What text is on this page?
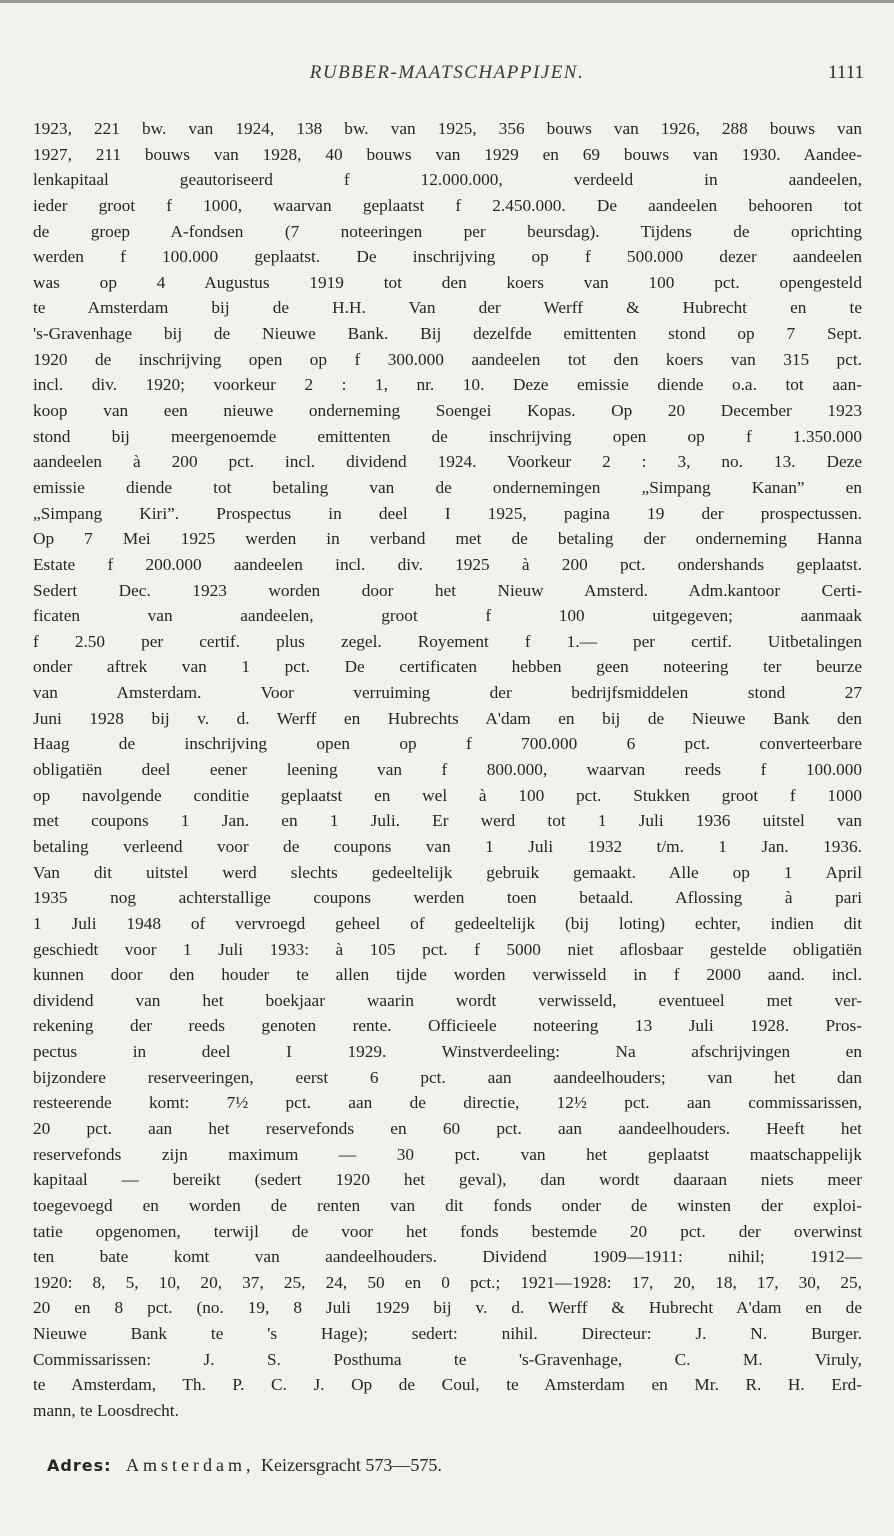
RUBBER-MAATSCHAPPIJEN.	1111
1923, 221 bw. van 1924, 138 bw. van 1925, 356 bouws van 1926, 288 bouws van
1927, 211 bouws van 1928, 40 bouws van 1929 en 69 bouws van 1930. Aandee-
lenkapitaal geautoriseerd f 12.000.000, verdeeld in aandeelen,
ieder groot f 1000, waarvan geplaatst f 2.450.000. De aandeelen behooren tot
de groep A-fondsen (7 noteeringen per beursdag). Tijdens de oprichting
werden f 100.000 geplaatst. De inschrijving op f 500.000 dezer aandeelen
was op 4 Augustus 1919 tot den koers van 100 pct. opengesteld
te Amsterdam bij de H.H. Van der Werff & Hubrecht en te
's-Gravenhage bij de Nieuwe Bank. Bij dezelfde emittenten stond op 7 Sept.
1920 de inschrijving open op f 300.000 aandeelen tot den koers van 315 pct.
incl. div. 1920; voorkeur 2 : 1, nr. 10. Deze emissie diende o.a. tot aan-
koop van een nieuwe onderneming Soengei Kopas. Op 20 December 1923
stond bij meergenoemde emittenten de inschrijving open op f 1.350.000
aandeelen à 200 pct. incl. dividend 1924. Voorkeur 2 : 3, no. 13. Deze
emissie diende tot betaling van de ondernemingen „Simpang Kanan” en
„Simpang Kiri”. Prospectus in deel I 1925, pagina 19 der prospectussen.
Op 7 Mei 1925 werden in verband met de betaling der onderneming Hanna
Estate f 200.000 aandeelen incl. div. 1925 à 200 pct. ondershands geplaatst.
Sedert Dec. 1923 worden door het Nieuw Amsterd. Adm.kantoor Certi-
ficaten van aandeelen, groot f 100 uitgegeven; aanmaak
f 2.50 per certif. plus zegel. Royement f 1.— per certif. Uitbetalingen
onder aftrek van 1 pct. De certificaten hebben geen noteering ter beurze
van Amsterdam. Voor verruiming der bedrijfsmiddelen stond 27
Juni 1928 bij v. d. Werff en Hubrechts A'dam en bij de Nieuwe Bank den
Haag de inschrijving open op f 700.000 6 pct. converteerbare
obligatiën deel eener leening van f 800.000, waarvan reeds f 100.000
op navolgende conditie geplaatst en wel à 100 pct. Stukken groot f 1000
met coupons 1 Jan. en 1 Juli. Er werd tot 1 Juli 1936 uitstel van
betaling verleend voor de coupons van 1 Juli 1932 t/m. 1 Jan. 1936.
Van dit uitstel werd slechts gedeeltelijk gebruik gemaakt. Alle op 1 April
1935 nog achterstallige coupons werden toen betaald. Aflossing à pari
1 Juli 1948 of vervroegd geheel of gedeeltelijk (bij loting) echter, indien dit
geschiedt voor 1 Juli 1933: à 105 pct. f 5000 niet aflosbaar gestelde obligatiën
kunnen door den houder te allen tijde worden verwisseld in f 2000 aand. incl.
dividend van het boekjaar waarin wordt verwisseld, eventueel met ver-
rekening der reeds genoten rente. Officieele noteering 13 Juli 1928. Pros-
pectus in deel I 1929. Winstverdeeling: Na afschrijvingen en
bijzondere reserveeringen, eerst 6 pct. aan aandeelhouders; van het dan
resteerende komt: 7½ pct. aan de directie, 12½ pct. aan commissarissen,
20 pct. aan het reservefonds en 60 pct. aan aandeelhouders. Heeft het
reservefonds zijn maximum — 30 pct. van het geplaatst maatschappelijk
kapitaal — bereikt (sedert 1920 het geval), dan wordt daaraan niets meer
toegevoegd en worden de renten van dit fonds onder de winsten der exploi-
tatie opgenomen, terwijl de voor het fonds bestemde 20 pct. der overwinst
ten bate komt van aandeelhouders. Dividend 1909—1911: nihil; 1912—
1920: 8, 5, 10, 20, 37, 25, 24, 50 en 0 pct.; 1921—1928: 17, 20, 18, 17, 30, 25,
20 en 8 pct. (no. 19, 8 Juli 1929 bij v. d. Werff & Hubrecht A'dam en de
Nieuwe Bank te 's Hage); sedert: nihil. Directeur: J. N. Burger.
Commissarissen: J. S. Posthuma te 's-Gravenhage, C. M. Viruly,
te Amsterdam, Th. P. C. J. Op de Coul, te Amsterdam en Mr. R. H. Erd-
mann, te Loosdrecht.
Adres: Amsterdam, Keizersgracht 573—575.
